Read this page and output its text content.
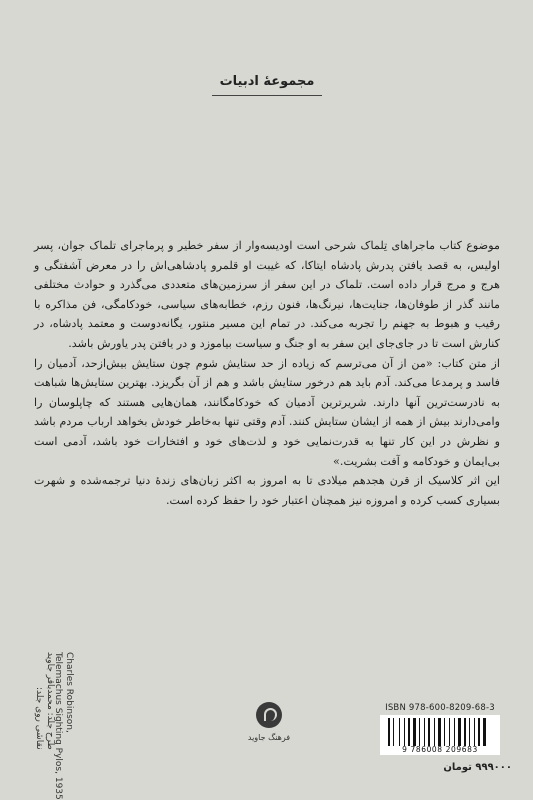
مجموعهٔ ادبیات

موضوع کتاب ماجراهای تِلماک شرحی است اودیسه‌وار از سفر خطیر و پرماجرای تلماک جوان، پسر اولیس، به قصد یافتن پدرش پادشاه ایتاکا، که غیبت او قلمرو پادشاهی‌اش را در معرض آشفتگی و هرج و مرج قرار داده است. تلماک در این سفر از سرزمین‌های متعددی می‌گذرد و حوادث مختلفی مانند گذر از طوفان‌ها، جنایت‌ها، نیرنگ‌ها، فنون رزم، خطابه‌های سیاسی، خودکامگی، فن مذاکره با رقیب و هبوط به جهنم را تجربه می‌کند. در تمام این مسیر منتور، یگانه‌دوست و معتمد پادشاه، در کنارش است تا در جای‌جای این سفر به او جنگ و سیاست بیاموزد و در یافتن پدر یاورش باشد.

از متن کتاب: «من از آن می‌ترسم که زیاده از حد ستایش شوم چون ستایش بیش‌ازحد، آدمیان را فاسد و پرمدعا می‌کند. آدم باید هم درخور ستایش باشد و هم از آن بگریزد. بهترین ستایش‌ها شباهت به نادرست‌ترین آنها دارند. شریرترین آدمیان که خودکامگانند، همان‌هایی هستند که چاپلوسان را وامی‌دارند بیش از همه از ایشان ستایش کنند. آدم وقتی تنها به‌خاطر خودش بخواهد ارباب مردم باشد و نظرش در این کار تنها به قدرت‌نمایی خود و لذت‌های خود و افتخارات خود باشد، آدمی است بی‌ایمان و خودکامه و آفت بشریت.»

این اثر کلاسیک از قرن هجدهم میلادی تا به امروز به اکثر زبان‌های زندهٔ دنیا ترجمه‌شده و شهرت بسیاری کسب کرده و امروزه نیز همچنان اعتبار خود را حفظ کرده است.

طرح جلد: محمدباقر جاوید
نقاشی روی جلد:	Charles Robinson,
Telemachus Sighting Pylos, 1935	فرهنگ جاوید
ISBN 978-600-8209-68-3
9 786008 209683
۹۹۹۰۰۰ تومان
